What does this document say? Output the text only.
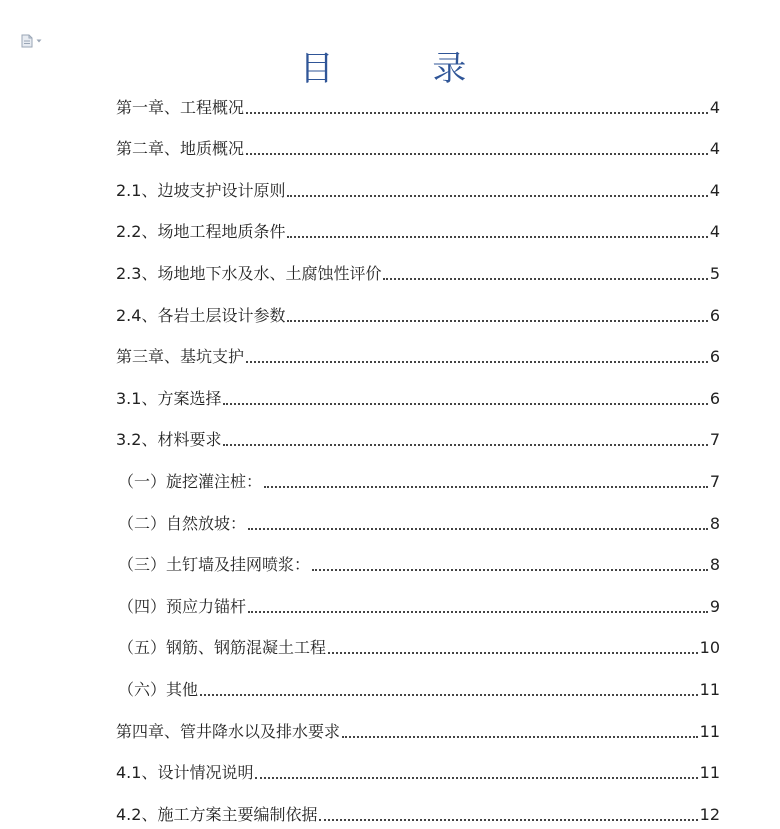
目 录
第一章、工程概况	4
第二章、地质概况	4
2.1、边坡支护设计原则	4
2.2、场地工程地质条件	4
2.3、场地地下水及水、土腐蚀性评价	5
2.4、各岩土层设计参数	6
第三章、基坑支护	6
3.1、方案选择	6
3.2、材料要求	7
（一）旋挖灌注桩：	7
（二）自然放坡：	8
（三）土钉墙及挂网喷浆：	8
（四）预应力锚杆	9
（五）钢筋、钢筋混凝土工程	10
（六）其他	11
第四章、管井降水以及排水要求	11
4.1、设计情况说明	11
4.2、施工方案主要编制依据	12
